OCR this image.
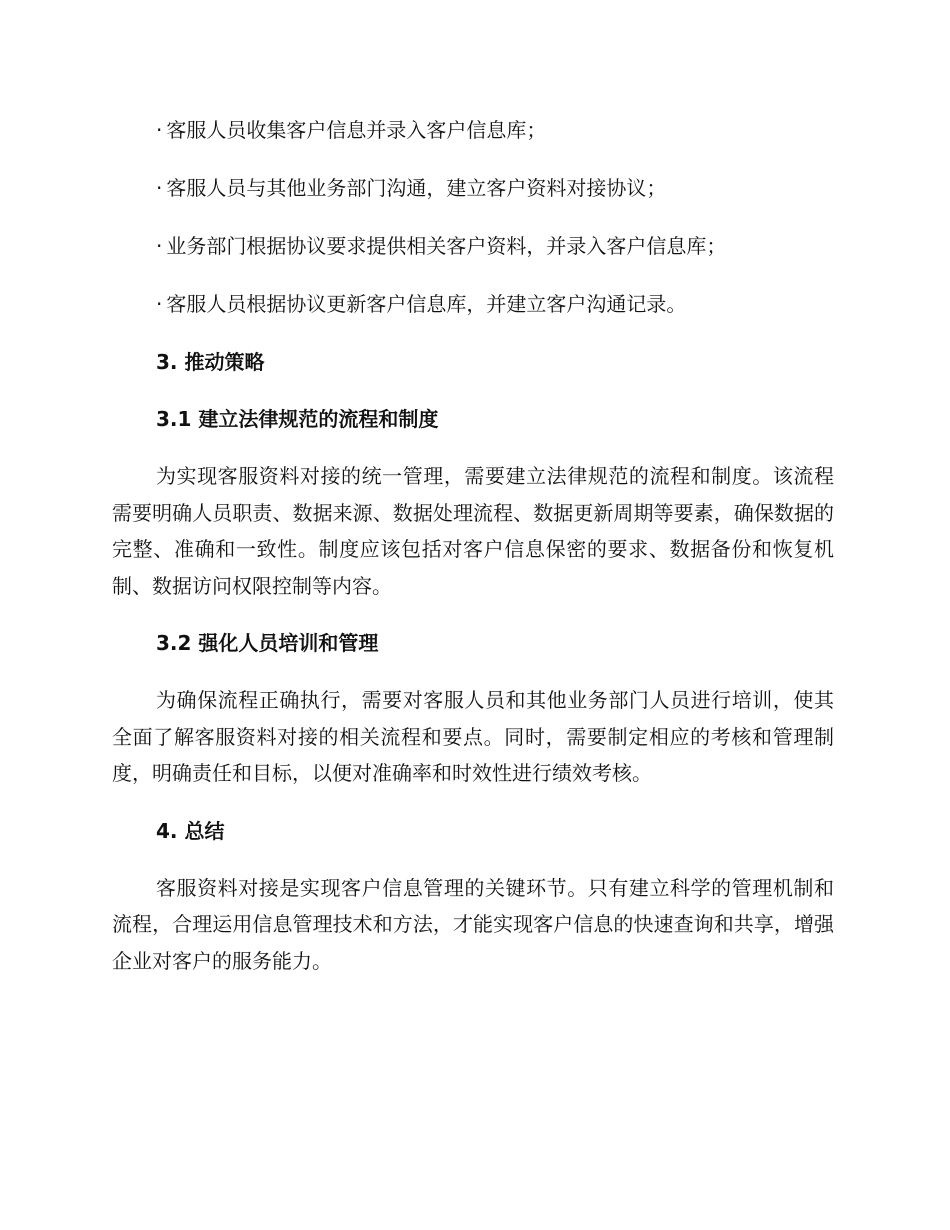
· 客服人员收集客户信息并录入客户信息库；
· 客服人员与其他业务部门沟通，建立客户资料对接协议；
· 业务部门根据协议要求提供相关客户资料，并录入客户信息库；
· 客服人员根据协议更新客户信息库，并建立客户沟通记录。
3. 推动策略
3.1 建立法律规范的流程和制度

为实现客服资料对接的统一管理，需要建立法律规范的流程和制度。该流程需要明确人员职责、数据来源、数据处理流程、数据更新周期等要素，确保数据的完整、准确和一致性。制度应该包括对客户信息保密的要求、数据备份和恢复机制、数据访问权限控制等内容。

3.2 强化人员培训和管理

为确保流程正确执行，需要对客服人员和其他业务部门人员进行培训，使其全面了解客服资料对接的相关流程和要点。同时，需要制定相应的考核和管理制度，明确责任和目标，以便对准确率和时效性进行绩效考核。

4. 总结

客服资料对接是实现客户信息管理的关键环节。只有建立科学的管理机制和流程，合理运用信息管理技术和方法，才能实现客户信息的快速查询和共享，增强企业对客户的服务能力。
